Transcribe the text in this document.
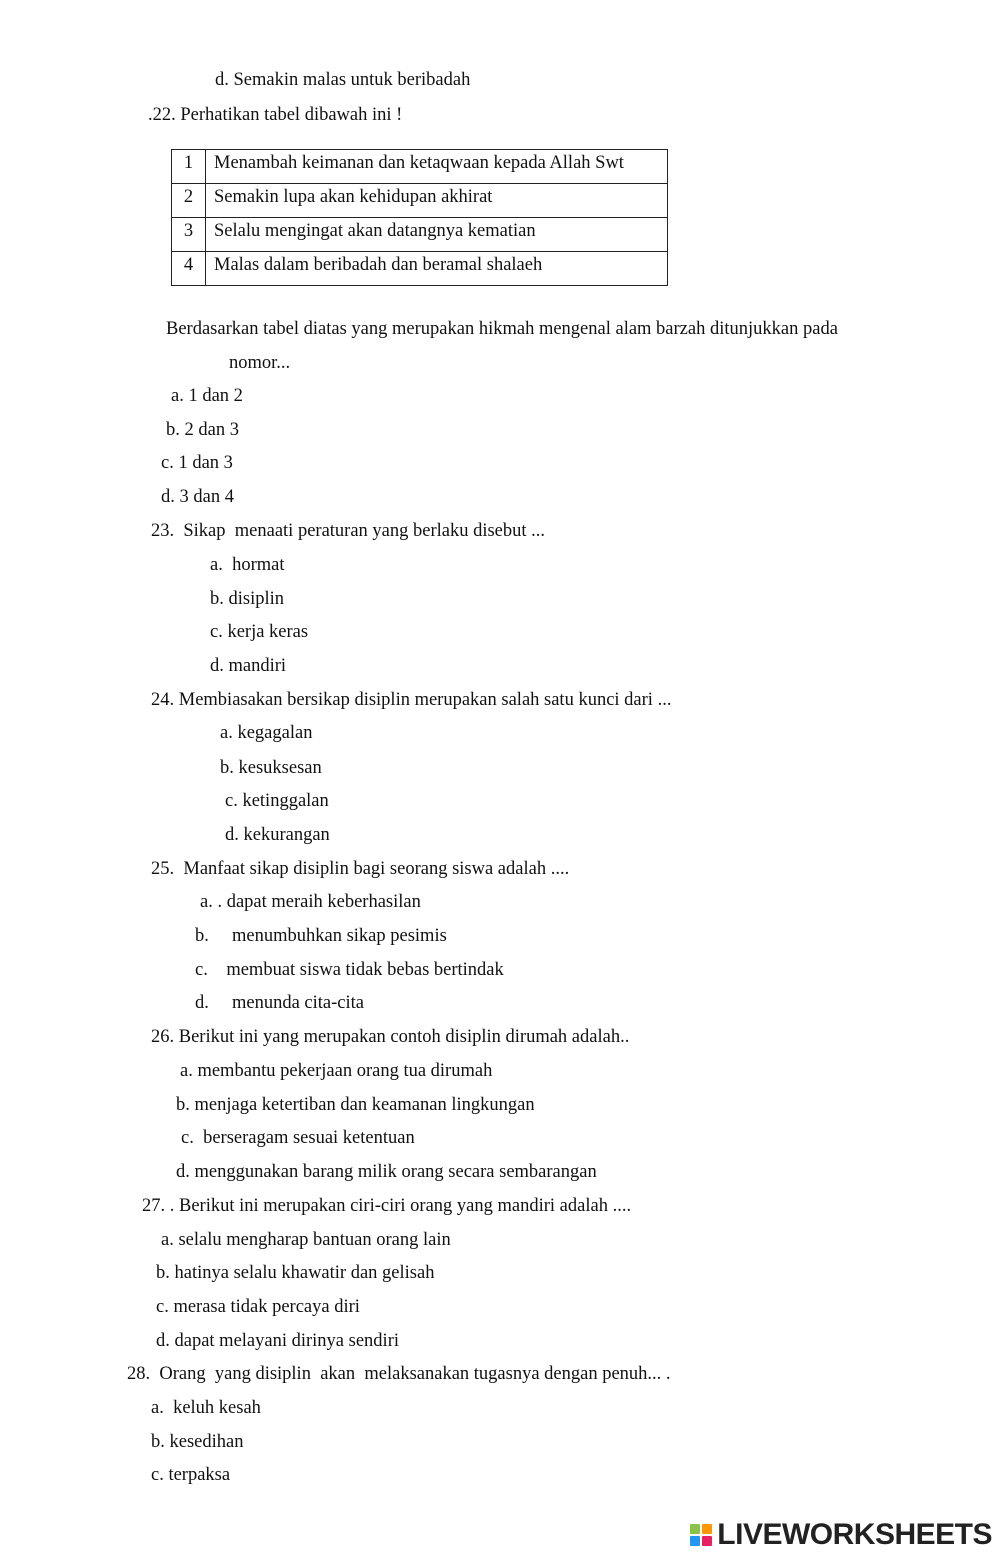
d. Semakin malas untuk beribadah

.22. Perhatikan tabel dibawah ini !

1	Menambah keimanan dan ketaqwaan kepada Allah Swt
2	Semakin lupa akan kehidupan akhirat
3	Selalu mengingat akan datangnya kematian
4	Malas dalam beribadah dan beramal shalaeh

Berdasarkan tabel diatas yang merupakan hikmah mengenal alam barzah ditunjukkan pada

nomor...

a. 1 dan 2

b. 2 dan 3

c. 1 dan 3

d. 3 dan 4

23.  Sikap  menaati peraturan yang berlaku disebut ...

a.  hormat

b. disiplin

c. kerja keras

d. mandiri

24. Membiasakan bersikap disiplin merupakan salah satu kunci dari ...

a. kegagalan

b. kesuksesan

c. ketinggalan

d. kekurangan

25.  Manfaat sikap disiplin bagi seorang siswa adalah ....

a. . dapat meraih keberhasilan

b.     menumbuhkan sikap pesimis

c.    membuat siswa tidak bebas bertindak

d.     menunda cita-cita

26. Berikut ini yang merupakan contoh disiplin dirumah adalah..

a. membantu pekerjaan orang tua dirumah

b. menjaga ketertiban dan keamanan lingkungan

c.  berseragam sesuai ketentuan

d. menggunakan barang milik orang secara sembarangan

27. . Berikut ini merupakan ciri-ciri orang yang mandiri adalah ....

a. selalu mengharap bantuan orang lain

b. hatinya selalu khawatir dan gelisah

c. merasa tidak percaya diri

d. dapat melayani dirinya sendiri

28.  Orang  yang disiplin  akan  melaksanakan tugasnya dengan penuh... .

a.  keluh kesah

b. kesedihan

c. terpaksa

LIVEWORKSHEETS
